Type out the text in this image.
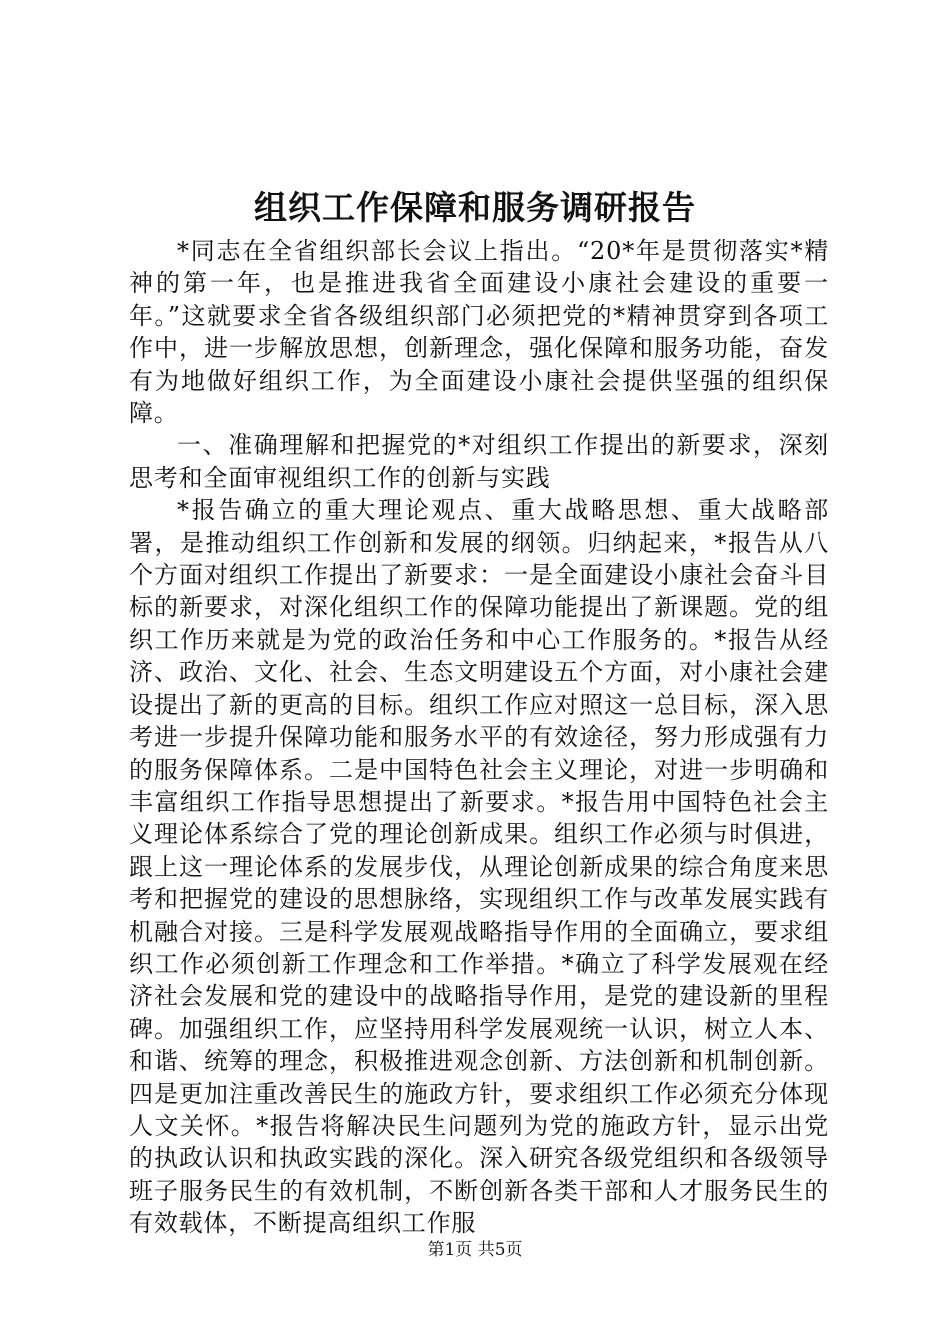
组织工作保障和服务调研报告

*同志在全省组织部长会议上指出。“20*年是贯彻落实*精神的第一年，也是推进我省全面建设小康社会建设的重要一年。”这就要求全省各级组织部门必须把党的*精神贯穿到各项工作中，进一步解放思想，创新理念，强化保障和服务功能，奋发有为地做好组织工作，为全面建设小康社会提供坚强的组织保障。

一、准确理解和把握党的*对组织工作提出的新要求，深刻思考和全面审视组织工作的创新与实践

*报告确立的重大理论观点、重大战略思想、重大战略部署，是推动组织工作创新和发展的纲领。归纳起来，*报告从八个方面对组织工作提出了新要求：一是全面建设小康社会奋斗目标的新要求，对深化组织工作的保障功能提出了新课题。党的组织工作历来就是为党的政治任务和中心工作服务的。*报告从经济、政治、文化、社会、生态文明建设五个方面，对小康社会建设提出了新的更高的目标。组织工作应对照这一总目标，深入思考进一步提升保障功能和服务水平的有效途径，努力形成强有力的服务保障体系。二是中国特色社会主义理论，对进一步明确和丰富组织工作指导思想提出了新要求。*报告用中国特色社会主义理论体系综合了党的理论创新成果。组织工作必须与时俱进，跟上这一理论体系的发展步伐，从理论创新成果的综合角度来思考和把握党的建设的思想脉络，实现组织工作与改革发展实践有机融合对接。三是科学发展观战略指导作用的全面确立，要求组织工作必须创新工作理念和工作举措。*确立了科学发展观在经济社会发展和党的建设中的战略指导作用，是党的建设新的里程碑。加强组织工作，应坚持用科学发展观统一认识，树立人本、和谐、统筹的理念，积极推进观念创新、方法创新和机制创新。四是更加注重改善民生的施政方针，要求组织工作必须充分体现人文关怀。*报告将解决民生问题列为党的施政方针，显示出党的执政认识和执政实践的深化。深入研究各级党组织和各级领导班子服务民生的有效机制，不断创新各类干部和人才服务民生的有效载体，不断提高组织工作服

第1页 共5页
